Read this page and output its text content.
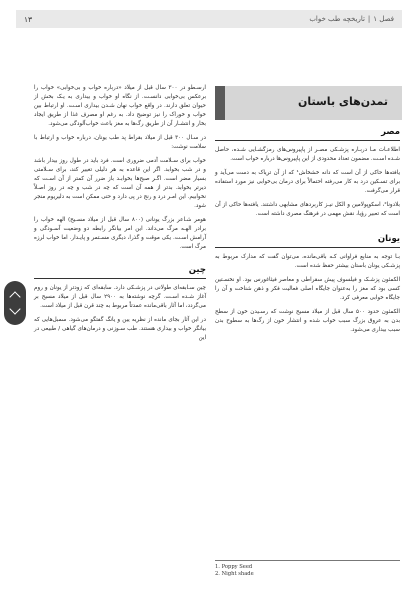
۱۳	فصل ۱|تاریخچه طب خواب
تمدن‌های باستان
مصر

اطلاعـات مـا دربـاره پزشـکی مصـر از پاپیروس‌های رمزگشـایی شـده، حاصل شـده اسـت. مضمون تعداد محدودی از این پاپیروس‌ها درباره خواب است.

یافته‌ها حاکی از آن است که دانه خشخاش¹ که از آن تریاک به دست می‌آید و برای تسـکین درد به کار می‌رفته احتمالاً برای درمان بی‌خوابی نیز مورد استفاده قرار می‌گرفت.

بلادونا²، اسکوپولامین و الکل نیـز کاربردهای مشابهی داشتند. یافته‌ها حاکی از آن است که تعبیر رؤیا، نقش مهمی در فرهنگ مصری داشته است.

یونان

بـا توجه به منابع فراوانی کـه باقی‌مانده، می‌توان گفت که مدارک مربوط به پزشـکی یونان باستان بیشتر حفظ شده است.

الکمئون پزشـک و فیلسوف پیش سقراطی و معاصر فیثاغورس بود. او نخسـتین کسی بود که مغز را به‌عنوان جایگاه اصلی فعالیت فکر و ذهن شناخت و آن را جایگاه خوابی معرفی کرد.

الکمئون حدود ۵۰۰ سال قبل از میلاد مسیح نوشت که رسـیدن خون از سطح بدن به عروق بزرگ سبب خواب شده و انتشار خون از رگ‌ها به سطوح بدن سبب بیداری می‌شود.

ارسـطو در ۳۰۰ سال قبل از میلاد «درباره خواب و بی‌خوابی» خواب را برعکس بی‌خوابی دانسـت. از نگاه او خواب و بیداری به یـک بخش از حیوان تعلق دارند. در واقع خواب نهان شـدن بیداری اسـت. او ارتباط بین خواب و خوراک را نیز توضیح داد. به رغم او مصرف غذا از طریق ایجاد بخار و انتشـار آن از طریق رگ‌ها به مغز باعث خواب‌آلودگی می‌شود.

در سـال ۳۰۰ قبل از میلاد بقراط پد طب یونان، درباره خواب و ارتباط با سلامت نوشت:

خواب برای سـلامت آدمی ضروری است. فرد باید در طول روز بیدار باشد و در شب بخوابد. اگر این قاعده به هر دلیلی تغییر کند، برای سـلامتی بسیار مضر است. اگـر صبح‌ها بخوابـد باز ضرر آن کمتر از آن اسـت که دیرتر بخوابد. بدتر از همه آن است که چه در شب و چه در روز اصـلاً نخوابیم. این امـر درد و رنج در پی دارد و حتی ممکن است به دلیریوم منجر شود.

هومر شـاعر بزرگ یونانی (۸۰۰ سال قبل از میلاد مسـیح) الهه خواب را برادر الهـه مرگ می‌داند. این امر بیانگر رابطه دو وضعیت آسـودگی و آرامش اسـت. یکی موقت و گذرا، دیگری مسـتمر و پایـدار. اما خواب لرزه مرگ است.

چین

چین سـابقه‌ای طولانی در پزشـکی دارد. سابقه‌ای که زودتر از یونان و روم آغاز شـده اسـت. گرچه نوشته‌ها به ۲۹۰۰ سال قبل از میلاد مسیح بر می‌گردد، اما آثار باقی‌مانده عمدتاً مربوط به چند قرن قبل از میلاد است.

در این آثار بجای مانده از نظریه یین و یانگ گفتگو می‌شود. سمبل‌هایی که بیانگر خواب و بیداری هستند. طب سـوزنی و درمان‌های گیاهی / طبیعی در این

1. Poppy Seed
2. Night shade
